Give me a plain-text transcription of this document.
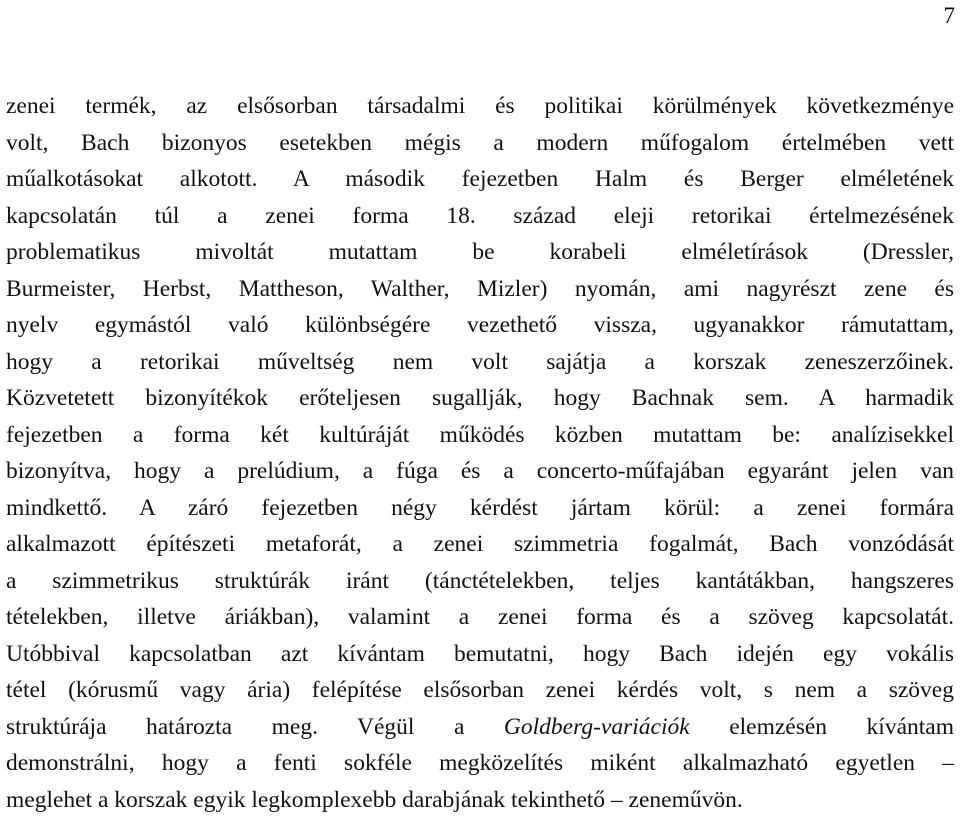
7
zenei termék, az elsősorban társadalmi és politikai körülmények következménye
volt, Bach bizonyos esetekben mégis a modern műfogalom értelmében vett
műalkotásokat alkotott. A második fejezetben Halm és Berger elméletének
kapcsolatán túl a zenei forma 18. század eleji retorikai értelmezésének
problematikus mivoltát mutattam be korabeli elméletírások (Dressler,
Burmeister, Herbst, Mattheson, Walther, Mizler) nyomán, ami nagyrészt zene és
nyelv egymástól való különbségére vezethető vissza, ugyanakkor rámutattam,
hogy a retorikai műveltség nem volt sajátja a korszak zeneszerzőinek.
Közvetetett bizonyítékok erőteljesen sugallják, hogy Bachnak sem. A harmadik
fejezetben a forma két kultúráját működés közben mutattam be: analízisekkel
bizonyítva, hogy a prelúdium, a fúga és a concerto-műfajában egyaránt jelen van
mindkettő. A záró fejezetben négy kérdést jártam körül: a zenei formára
alkalmazott építészeti metaforát, a zenei szimmetria fogalmát, Bach vonzódását
a szimmetrikus struktúrák iránt (tánctételekben, teljes kantátákban, hangszeres
tételekben, illetve áriákban), valamint a zenei forma és a szöveg kapcsolatát.
Utóbbival kapcsolatban azt kívántam bemutatni, hogy Bach idején egy vokális
tétel (kórusmű vagy ária) felépítése elsősorban zenei kérdés volt, s nem a szöveg
struktúrája határozta meg. Végül a Goldberg-variációk elemzésén kívántam
demonstrálni, hogy a fenti sokféle megközelítés miként alkalmazható egyetlen –
meglehet a korszak egyik legkomplexebb darabjának tekinthető – zeneművön.
